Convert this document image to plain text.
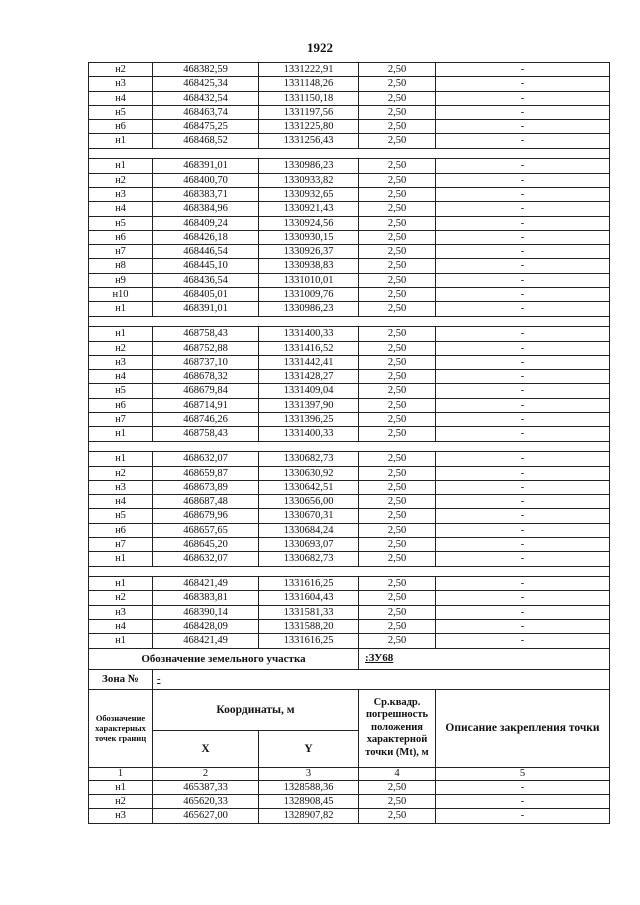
1922
н2	468382,59	1331222,91	2,50	-
н3	468425,34	1331148,26	2,50	-
н4	468432,54	1331150,18	2,50	-
н5	468463,74	1331197,56	2,50	-
н6	468475,25	1331225,80	2,50	-
н1	468468,52	1331256,43	2,50	-

н1	468391,01	1330986,23	2,50	-
н2	468400,70	1330933,82	2,50	-
н3	468383,71	1330932,65	2,50	-
н4	468384,96	1330921,43	2,50	-
н5	468409,24	1330924,56	2,50	-
н6	468426,18	1330930,15	2,50	-
н7	468446,54	1330926,37	2,50	-
н8	468445,10	1330938,83	2,50	-
н9	468436,54	1331010,01	2,50	-
н10	468405,01	1331009,76	2,50	-
н1	468391,01	1330986,23	2,50	-

н1	468758,43	1331400,33	2,50	-
н2	468752,88	1331416,52	2,50	-
н3	468737,10	1331442,41	2,50	-
н4	468678,32	1331428,27	2,50	-
н5	468679,84	1331409,04	2,50	-
н6	468714,91	1331397,90	2,50	-
н7	468746,26	1331396,25	2,50	-
н1	468758,43	1331400,33	2,50	-

н1	468632,07	1330682,73	2,50	-
н2	468659,87	1330630,92	2,50	-
н3	468673,89	1330642,51	2,50	-
н4	468687,48	1330656,00	2,50	-
н5	468679,96	1330670,31	2,50	-
н6	468657,65	1330684,24	2,50	-
н7	468645,20	1330693,07	2,50	-
н1	468632,07	1330682,73	2,50	-

н1	468421,49	1331616,25	2,50	-
н2	468383,81	1331604,43	2,50	-
н3	468390,14	1331581,33	2,50	-
н4	468428,09	1331588,20	2,50	-
н1	468421,49	1331616,25	2,50	-
Обозначение земельного участка			:ЗУ68	
Зона №	-			
Обозначение характерных точек границ	Координаты, м		Ср.квадр. погрешность положения характерной точки (Mt), м	Описание закрепления точки
	X	Y		
1	2	3	4	5
н1	465387,33	1328588,36	2,50	-
н2	465620,33	1328908,45	2,50	-
н3	465627,00	1328907,82	2,50	-
